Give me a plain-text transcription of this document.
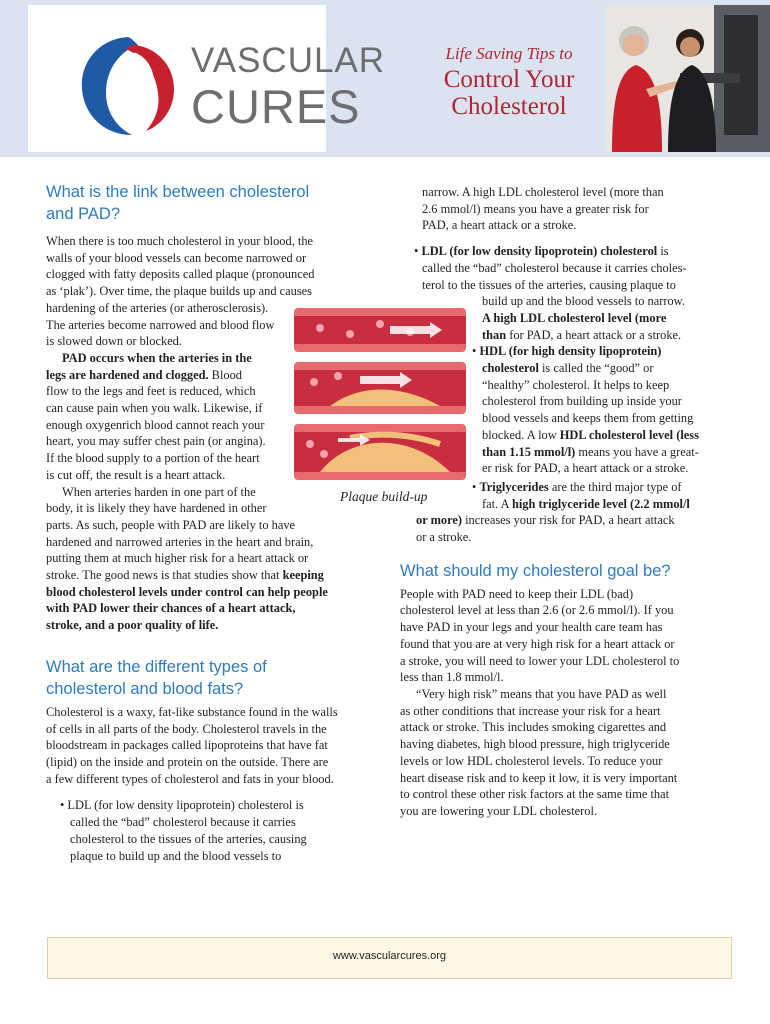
VASCULAR
CURES
Life Saving Tips to
Control Your
Cholesterol
What is the link between cholesterol
and PAD?

When there is too much cholesterol in your blood, the
walls of your blood vessels can become narrowed or
clogged with fatty deposits called plaque (pronounced
as ‘plak’). Over time, the plaque builds up and causes
hardening of the arteries (or atherosclerosis).
The arteries become narrowed and blood flow
is slowed down or blocked.

PAD occurs when the arteries in the
legs are hardened and clogged. Blood
flow to the legs and feet is reduced, which
can cause pain when you walk. Likewise, if
enough oxygenrich blood cannot reach your
heart, you may suffer chest pain (or angina).
If the blood supply to a portion of the heart
is cut off, the result is a heart attack.

When arteries harden in one part of the
body, it is likely they have hardened in other
parts. As such, people with PAD are likely to have
hardened and narrowed arteries in the heart and brain,
putting them at much higher risk for a heart attack or
stroke. The good news is that studies show that keeping
blood cholesterol levels under control can help people
with PAD lower their chances of a heart attack,
stroke, and a poor quality of life.

What are the different types of
cholesterol and blood fats?

Cholesterol is a waxy, fat-like substance found in the walls
of cells in all parts of the body. Cholesterol travels in the
bloodstream in packages called lipoproteins that have fat
(lipid) on the inside and protein on the outside. There are
a few different types of cholesterol and fats in your blood.

• LDL (for low density lipoprotein) cholesterol is
called the “bad” cholesterol because it carries
cholesterol to the tissues of the arteries, causing
plaque to build up and the blood vessels to

Plaque build-up

narrow. A high LDL cholesterol level (more than
2.6 mmol/l) means you have a greater risk for
PAD, a heart attack or a stroke.

• LDL (for low density lipoprotein) cholesterol is
called the “bad” cholesterol because it carries choles-
terol to the tissues of the arteries, causing plaque to
build up and the blood vessels to narrow.
A high LDL cholesterol level (more
than for PAD, a heart attack or a stroke.

• HDL (for high density lipoprotein)
cholesterol is called the “good” or
“healthy” cholesterol. It helps to keep
cholesterol from building up inside your
blood vessels and keeps them from getting
blocked. A low HDL cholesterol level (less
than 1.15 mmol/l) means you have a great-
er risk for PAD, a heart attack or a stroke.

• Triglycerides are the third major type of
fat. A high triglyceride level (2.2 mmol/l

or more) increases your risk for PAD, a heart attack
or a stroke.

What should my cholesterol goal be?

People with PAD need to keep their LDL (bad)
cholesterol level at less than 2.6 (or 2.6 mmol/l). If you
have PAD in your legs and your health care team has
found that you are at very high risk for a heart attack or
a stroke, you will need to lower your LDL cholesterol to
less than 1.8 mmol/l.

“Very high risk” means that you have PAD as well
as other conditions that increase your risk for a heart
attack or stroke. This includes smoking cigarettes and
having diabetes, high blood pressure, high triglyceride
levels or low HDL cholesterol levels. To reduce your
heart disease risk and to keep it low, it is very important
to control these other risk factors at the same time that
you are lowering your LDL cholesterol.

www.vascularcures.org
